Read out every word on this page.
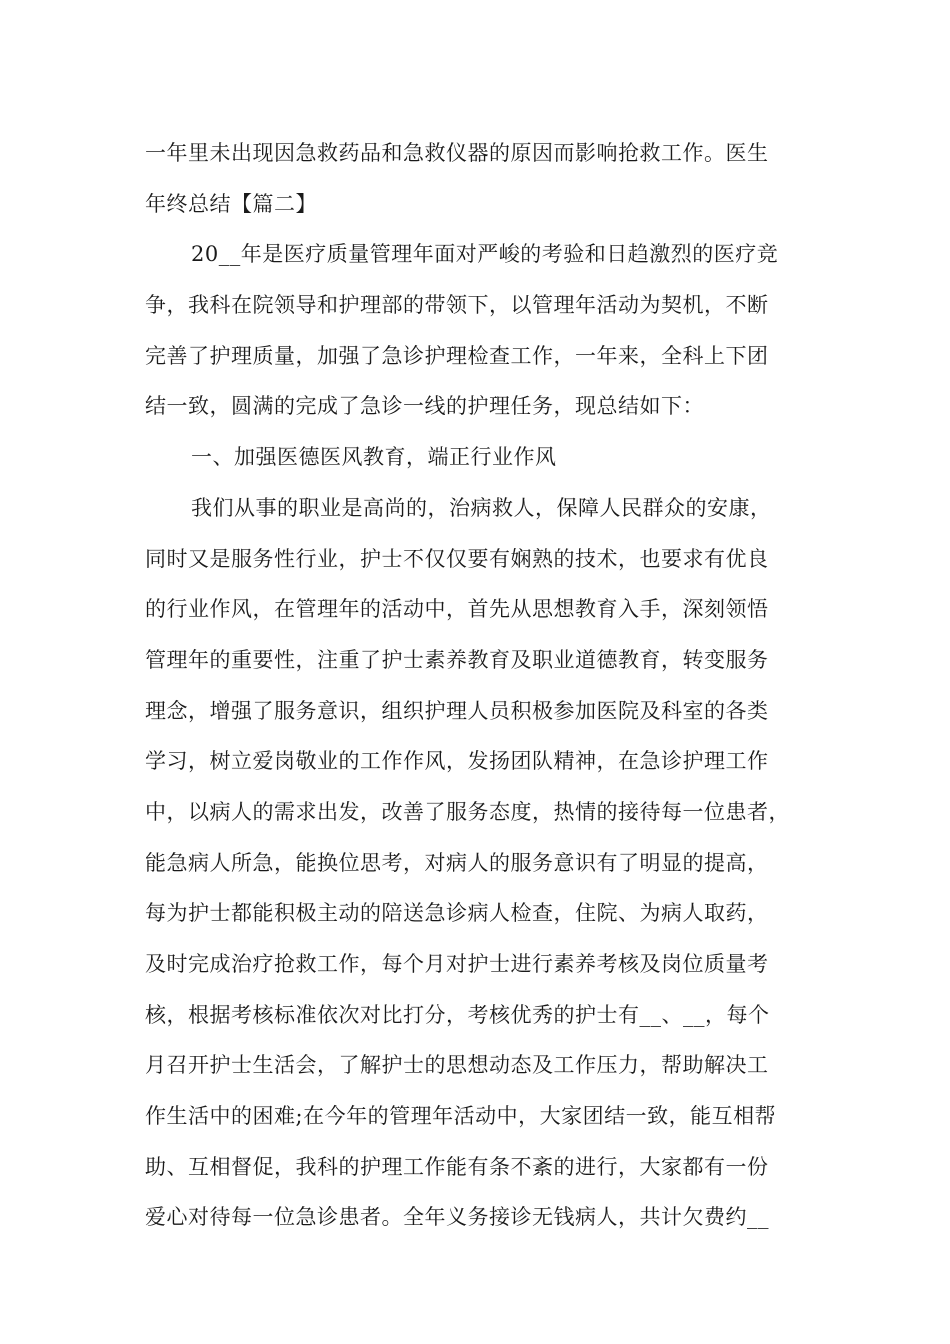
一年里未出现因急救药品和急救仪器的原因而影响抢救工作。医生
年终总结【篇二】
20__年是医疗质量管理年面对严峻的考验和日趋激烈的医疗竞
争，我科在院领导和护理部的带领下，以管理年活动为契机，不断
完善了护理质量，加强了急诊护理检查工作，一年来，全科上下团
结一致，圆满的完成了急诊一线的护理任务，现总结如下：
一、加强医德医风教育，端正行业作风
我们从事的职业是高尚的，治病救人，保障人民群众的安康，
同时又是服务性行业，护士不仅仅要有娴熟的技术，也要求有优良
的行业作风，在管理年的活动中，首先从思想教育入手，深刻领悟
管理年的重要性，注重了护士素养教育及职业道德教育，转变服务
理念，增强了服务意识，组织护理人员积极参加医院及科室的各类
学习，树立爱岗敬业的工作作风，发扬团队精神，在急诊护理工作
中，以病人的需求出发，改善了服务态度，热情的接待每一位患者，
能急病人所急，能换位思考，对病人的服务意识有了明显的提高，
每为护士都能积极主动的陪送急诊病人检查，住院、为病人取药，
及时完成治疗抢救工作，每个月对护士进行素养考核及岗位质量考
核，根据考核标准依次对比打分，考核优秀的护士有__、__，每个
月召开护士生活会，了解护士的思想动态及工作压力，帮助解决工
作生活中的困难;在今年的管理年活动中，大家团结一致，能互相帮
助、互相督促，我科的护理工作能有条不紊的进行，大家都有一份
爱心对待每一位急诊患者。全年义务接诊无钱病人，共计欠费约__
